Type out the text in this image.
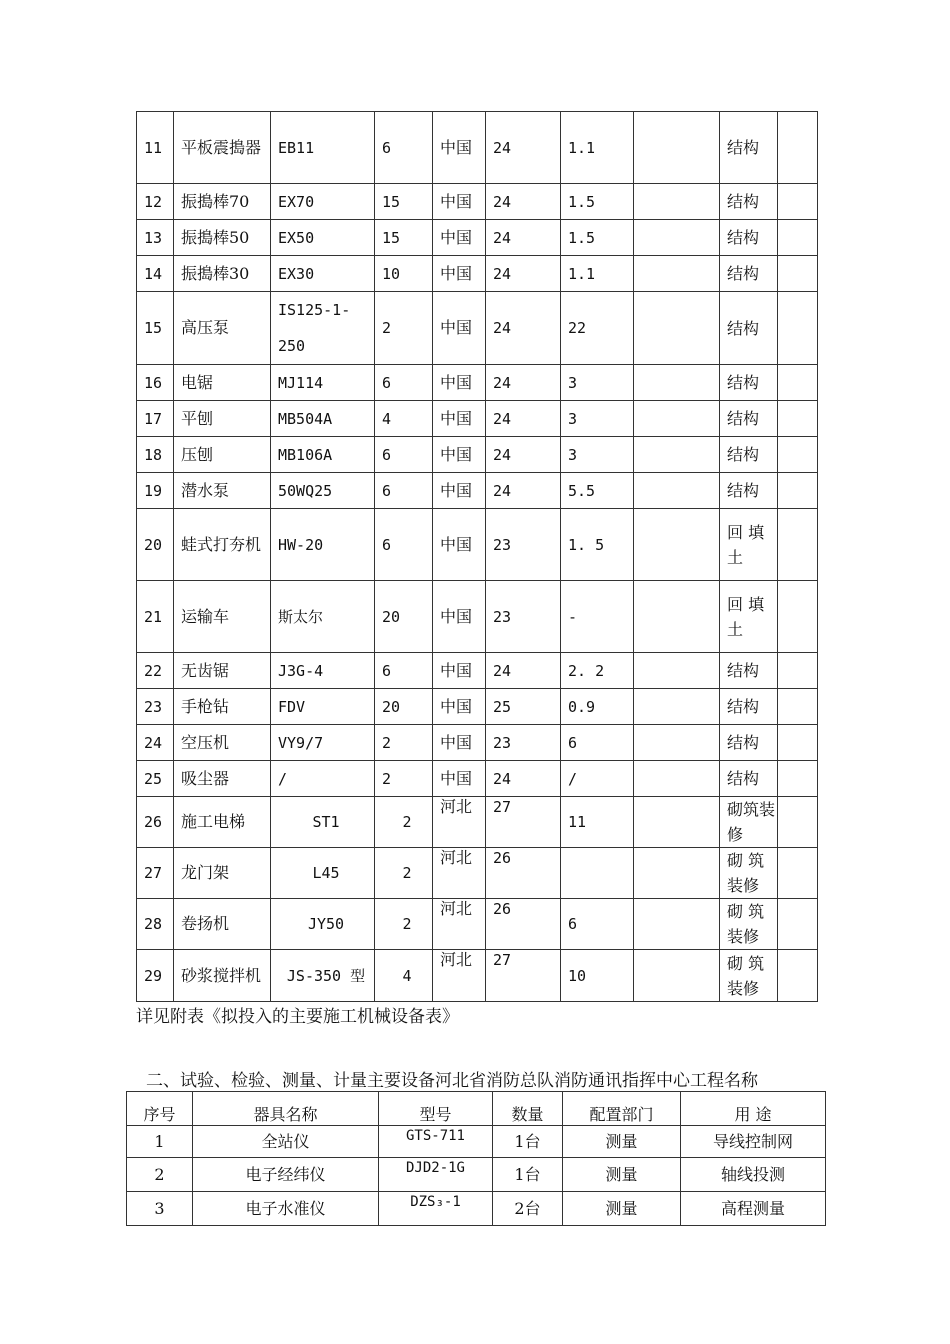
11	平板震搗器	EB11	6	中国	24	1.1		结构	
12	振搗棒70	EX70	15	中国	24	1.5		结构	
13	振搗棒50	EX50	15	中国	24	1.5		结构	
14	振搗棒30	EX30	10	中国	24	1.1		结构	
15	高压泵	IS125-1-250	2	中国	24	22		结构	
16	电锯	MJ114	6	中国	24	3		结构	
17	平刨	MB504A	4	中国	24	3		结构	
18	压刨	MB106A	6	中国	24	3		结构	
19	潜水泵	50WQ25	6	中国	24	5.5		结构	
20	蛙式打夯机	HW-20	6	中国	23	1. 5		回 填 土	
21	运输车	斯太尔	20	中国	23	-		回 填 土	
22	无齿锯	J3G-4	6	中国	24	2. 2		结构	
23	手枪钻	FDV	20	中国	25	0.9		结构	
24	空压机	VY9/7	2	中国	23	6		结构	
25	吸尘器	/	2	中国	24	/		结构	
26	施工电梯	ST1	2	河北	27	11		砌筑装修	
27	龙门架	L45	2	河北	26			砌 筑 装修	
28	卷扬机	JY50	2	河北	26	6		砌 筑 装修	
29	砂浆搅拌机	JS-350 型	4	河北	27	10		砌 筑 装修	
详见附表《拟投入的主要施工机械设备表》
二、试验、检验、测量、计量主要设备河北省消防总队消防通讯指挥中心工程名称
序号	器具名称	型号	数量	配置部门	用 途
1	全站仪	GTS-711	1台	测量	导线控制网
2	电子经纬仪	DJD2-1G	1台	测量	轴线投测
3	电子水准仪	DZS₃-1	2台	测量	高程测量
